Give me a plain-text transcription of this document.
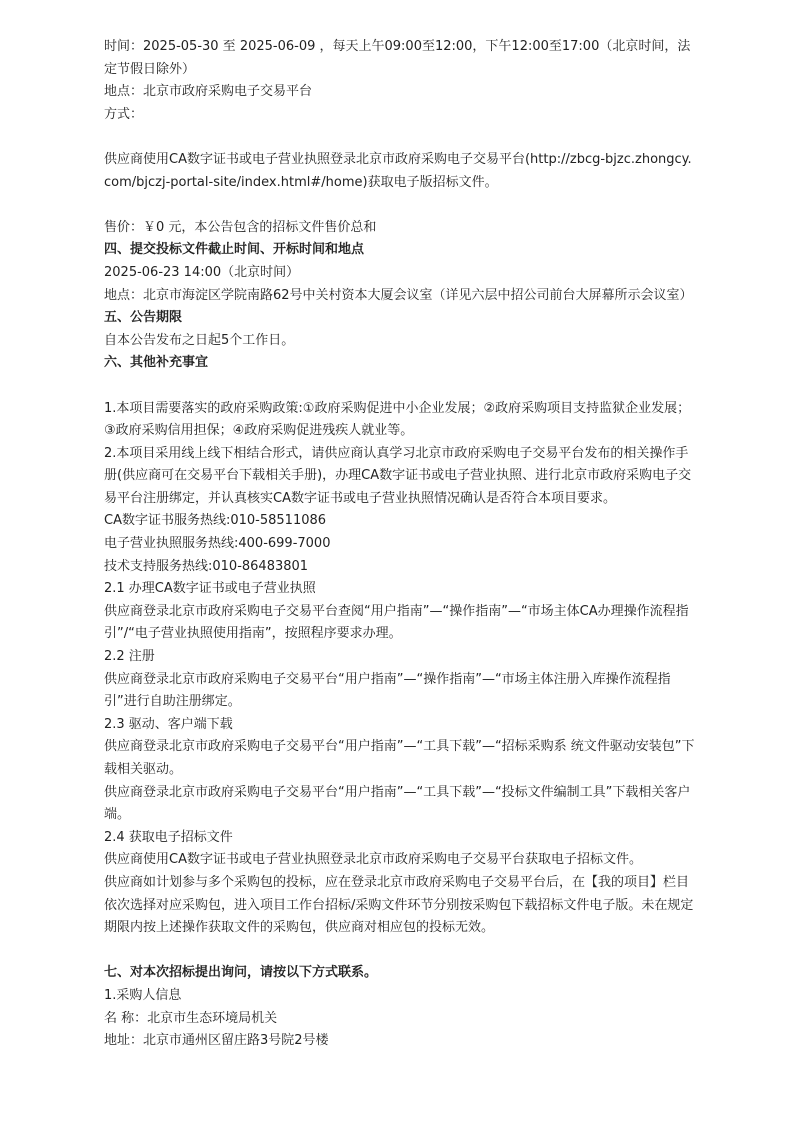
时间：2025-05-30 至 2025-06-09 ，每天上午09:00至12:00，下午12:00至17:00（北京时间，法定节假日除外）
地点：北京市政府采购电子交易平台
方式：
供应商使用CA数字证书或电子营业执照登录北京市政府采购电子交易平台(http://zbcg-bjzc.zhongcy.com/bjczj-portal-site/index.html#/home)获取电子版招标文件。
售价：￥0 元，本公告包含的招标文件售价总和
四、提交投标文件截止时间、开标时间和地点
2025-06-23 14:00（北京时间）
地点：北京市海淀区学院南路62号中关村资本大厦会议室（详见六层中招公司前台大屏幕所示会议室）
五、公告期限
自本公告发布之日起5个工作日。
六、其他补充事宜
1.本项目需要落实的政府采购政策:①政府采购促进中小企业发展；②政府采购项目支持监狱企业发展；③政府采购信用担保；④政府采购促进残疾人就业等。
2.本项目采用线上线下相结合形式，请供应商认真学习北京市政府采购电子交易平台发布的相关操作手册(供应商可在交易平台下载相关手册)，办理CA数字证书或电子营业执照、进行北京市政府采购电子交易平台注册绑定，并认真核实CA数字证书或电子营业执照情况确认是否符合本项目要求。
CA数字证书服务热线:010-58511086
电子营业执照服务热线:400-699-7000
技术支持服务热线:010-86483801
2.1 办理CA数字证书或电子营业执照
供应商登录北京市政府采购电子交易平台查阅“用户指南”—“操作指南”—“市场主体CA办理操作流程指引”/“电子营业执照使用指南”，按照程序要求办理。
2.2 注册
供应商登录北京市政府采购电子交易平台“用户指南”—“操作指南”—“市场主体注册入库操作流程指引”进行自助注册绑定。
2.3 驱动、客户端下载
供应商登录北京市政府采购电子交易平台“用户指南”—“工具下载”—“招标采购系 统文件驱动安装包”下载相关驱动。
供应商登录北京市政府采购电子交易平台“用户指南”—“工具下载”—“投标文件编制工具”下载相关客户端。
2.4 获取电子招标文件
供应商使用CA数字证书或电子营业执照登录北京市政府采购电子交易平台获取电子招标文件。
供应商如计划参与多个采购包的投标，应在登录北京市政府采购电子交易平台后，在【我的项目】栏目依次选择对应采购包，进入项目工作台招标/采购文件环节分别按采购包下载招标文件电子版。未在规定期限内按上述操作获取文件的采购包，供应商对相应包的投标无效。
七、对本次招标提出询问，请按以下方式联系。
1.采购人信息
名 称：北京市生态环境局机关
地址：北京市通州区留庄路3号院2号楼
